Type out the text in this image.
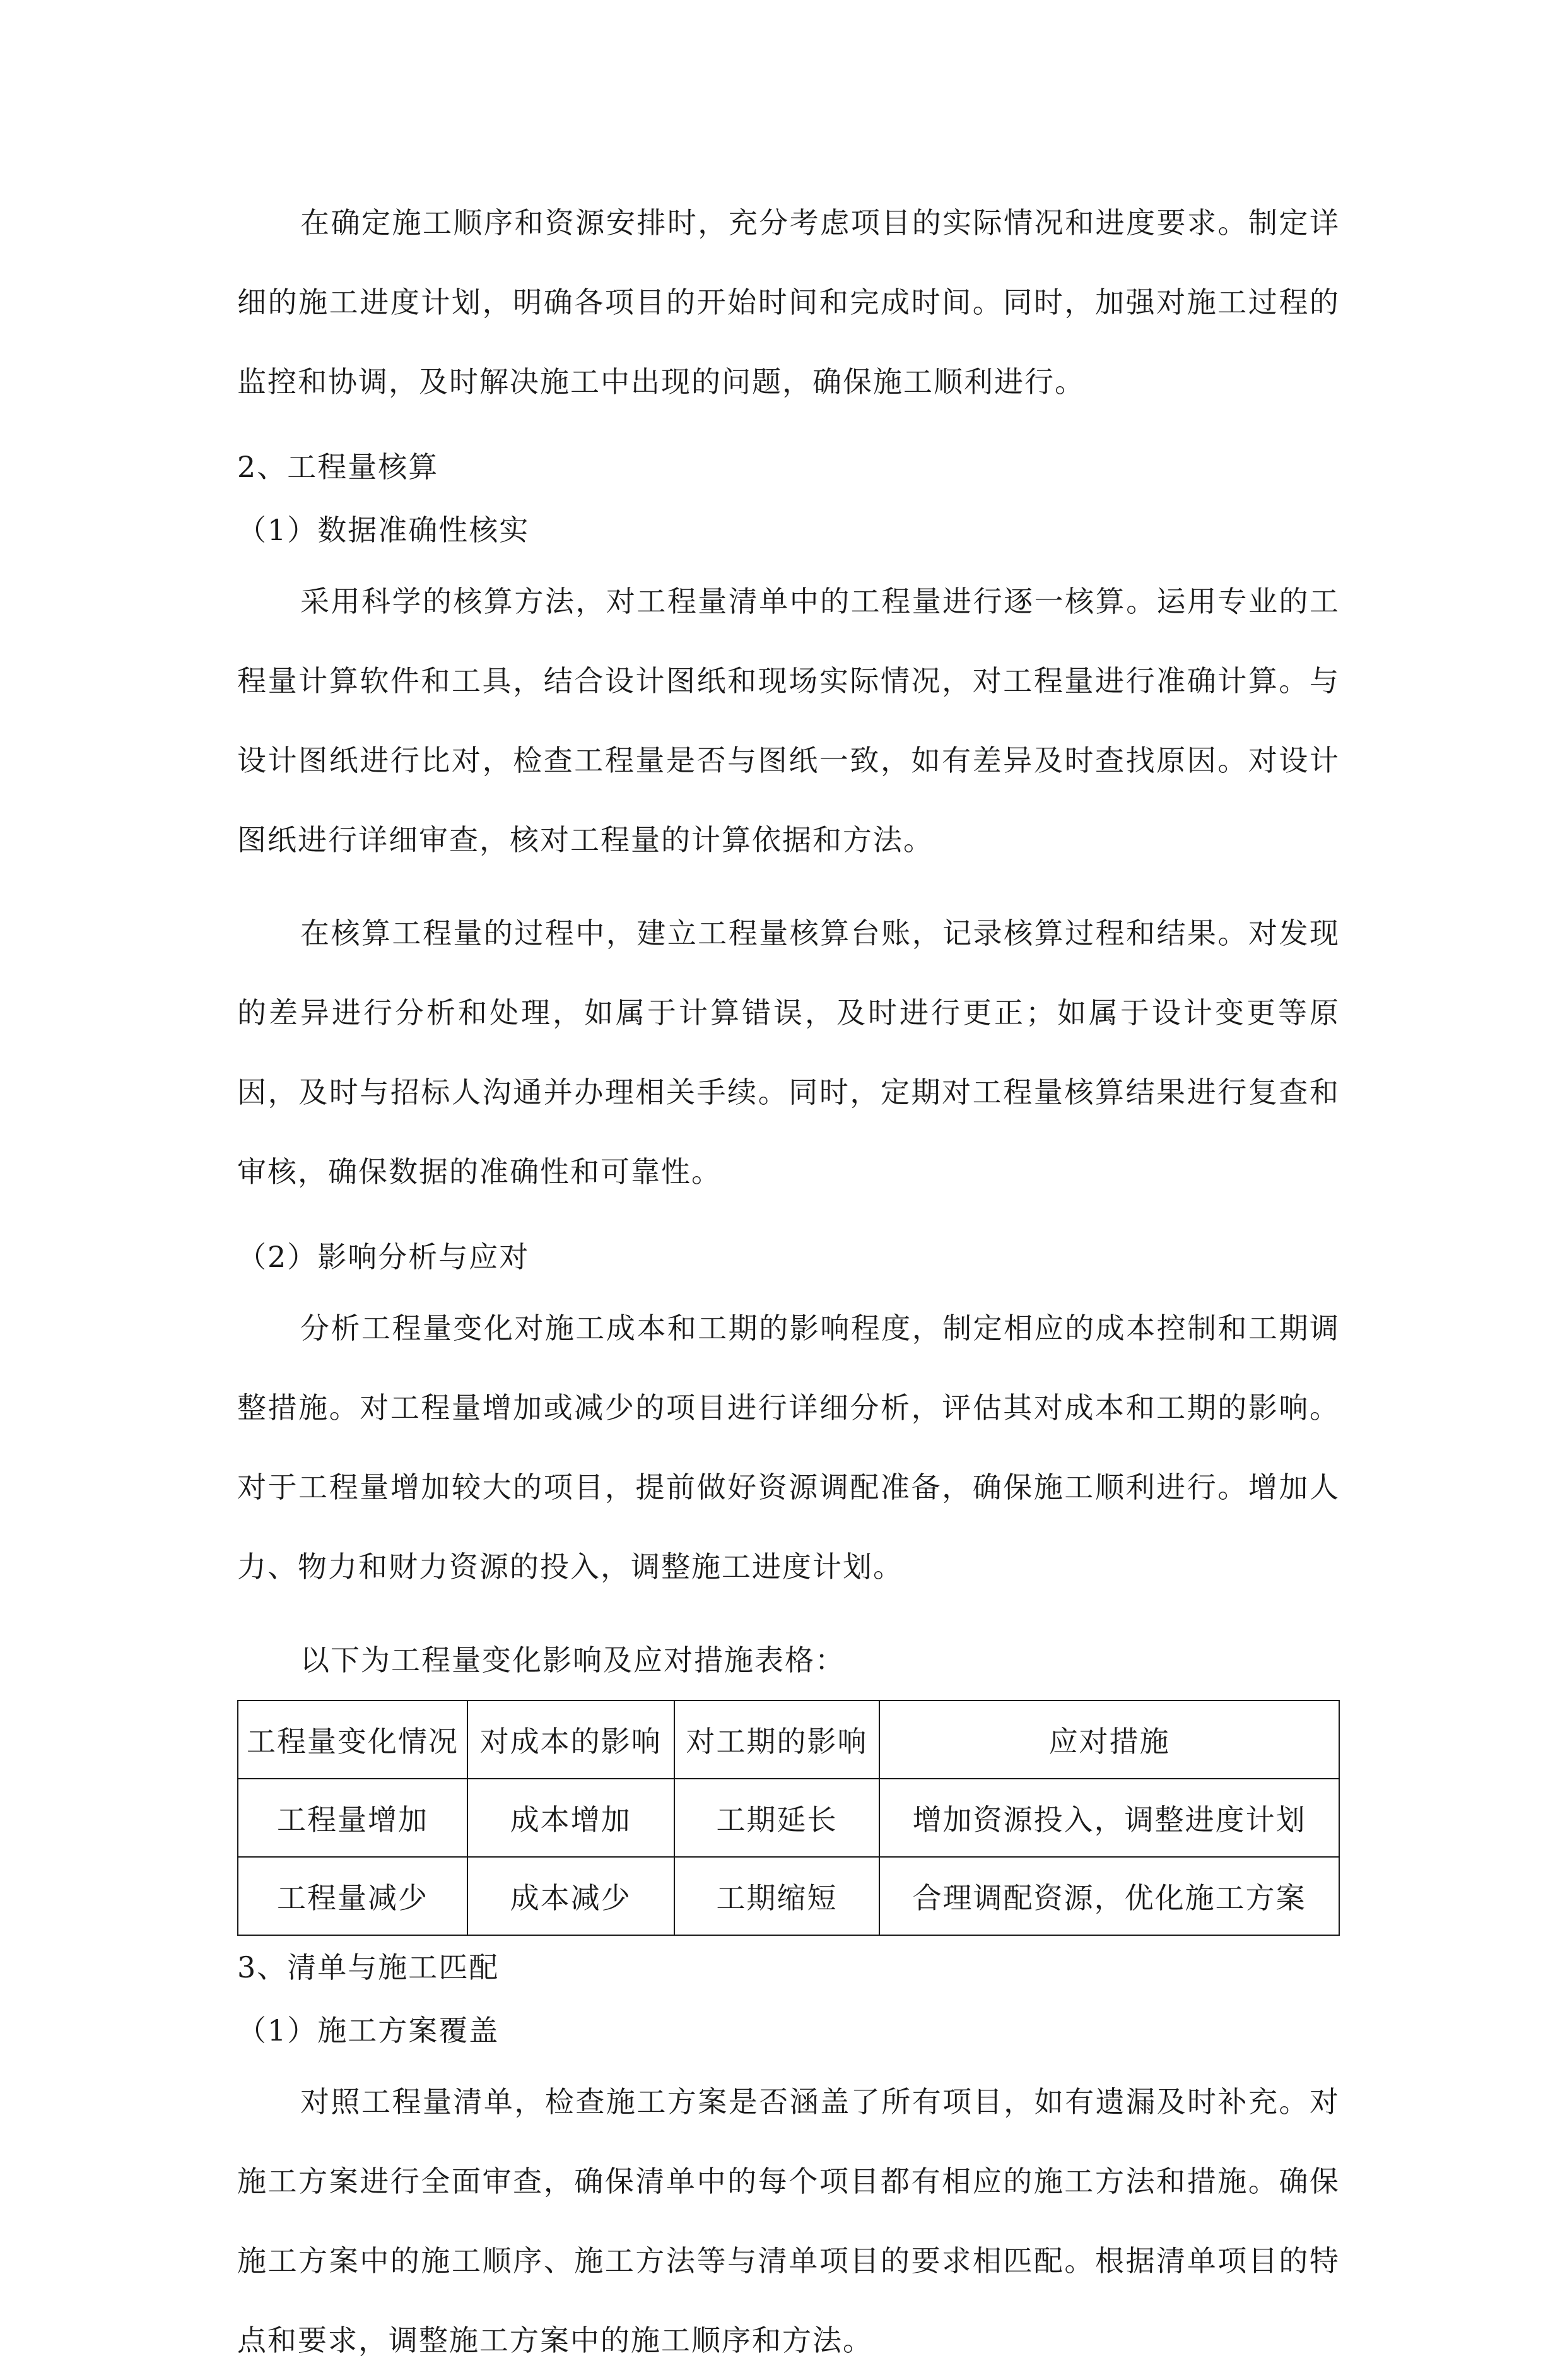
在确定施工顺序和资源安排时，充分考虑项目的实际情况和进度要求。制定详细的施工进度计划，明确各项目的开始时间和完成时间。同时，加强对施工过程的监控和协调，及时解决施工中出现的问题，确保施工顺利进行。

2、工程量核算

（1）数据准确性核实

采用科学的核算方法，对工程量清单中的工程量进行逐一核算。运用专业的工程量计算软件和工具，结合设计图纸和现场实际情况，对工程量进行准确计算。与设计图纸进行比对，检查工程量是否与图纸一致，如有差异及时查找原因。对设计图纸进行详细审查，核对工程量的计算依据和方法。

在核算工程量的过程中，建立工程量核算台账，记录核算过程和结果。对发现的差异进行分析和处理，如属于计算错误，及时进行更正；如属于设计变更等原因，及时与招标人沟通并办理相关手续。同时，定期对工程量核算结果进行复查和审核，确保数据的准确性和可靠性。

（2）影响分析与应对

分析工程量变化对施工成本和工期的影响程度，制定相应的成本控制和工期调整措施。对工程量增加或减少的项目进行详细分析，评估其对成本和工期的影响。对于工程量增加较大的项目，提前做好资源调配准备，确保施工顺利进行。增加人力、物力和财力资源的投入，调整施工进度计划。

以下为工程量变化影响及应对措施表格：

工程量变化情况	对成本的影响	对工期的影响	应对措施
工程量增加	成本增加	工期延长	增加资源投入，调整进度计划
工程量减少	成本减少	工期缩短	合理调配资源，优化施工方案

3、清单与施工匹配

（1）施工方案覆盖

对照工程量清单，检查施工方案是否涵盖了所有项目，如有遗漏及时补充。对施工方案进行全面审查，确保清单中的每个项目都有相应的施工方法和措施。确保施工方案中的施工顺序、施工方法等与清单项目的要求相匹配。根据清单项目的特点和要求，调整施工方案中的施工顺序和方法。
